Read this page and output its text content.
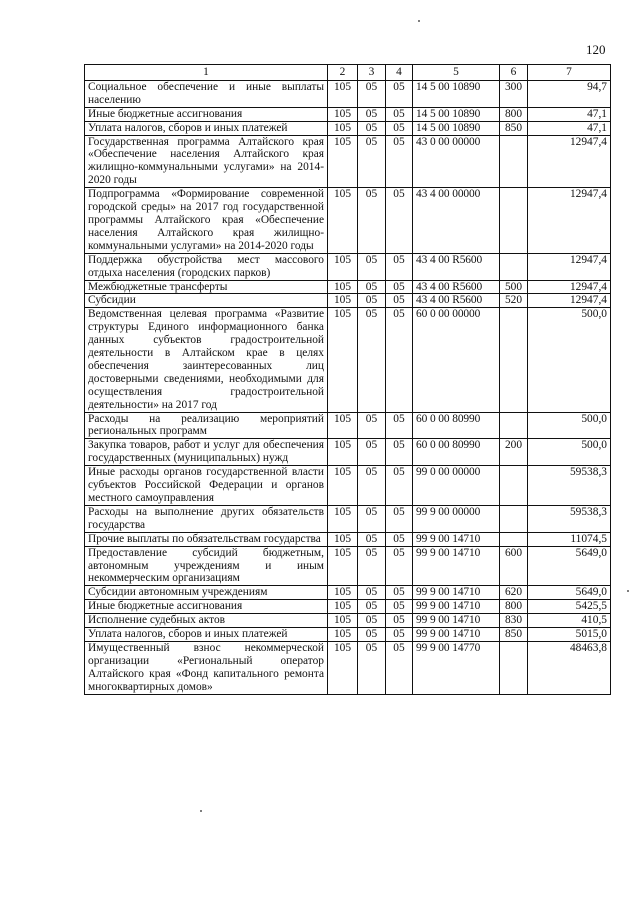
120
1	2	3	4	5	6	7
Социальное обеспечение и иные выплаты населению	105	05	05	14 5 00 10890	300	94,7
Иные бюджетные ассигнования	105	05	05	14 5 00 10890	800	47,1
Уплата налогов, сборов и иных платежей	105	05	05	14 5 00 10890	850	47,1
Государственная программа Алтайского края «Обеспечение населения Алтайского края жилищно-коммунальными услугами» на 2014-2020 годы	105	05	05	43 0 00 00000		12947,4
Подпрограмма «Формирование современной городской среды» на 2017 год государственной программы Алтайского края «Обеспечение населения Алтайского края жилищно-коммунальными услугами» на 2014-2020 годы	105	05	05	43 4 00 00000		12947,4
Поддержка обустройства мест массового отдыха населения (городских парков)	105	05	05	43 4 00 R5600		12947,4
Межбюджетные трансферты	105	05	05	43 4 00 R5600	500	12947,4
Субсидии	105	05	05	43 4 00 R5600	520	12947,4
Ведомственная целевая программа «Развитие структуры Единого информационного банка данных субъектов градостроительной деятельности в Алтайском крае в целях обеспечения заинтересованных лиц достоверными сведениями, необходимыми для осуществления градостроительной деятельности» на 2017 год	105	05	05	60 0 00 00000		500,0
Расходы на реализацию мероприятий региональных программ	105	05	05	60 0 00 80990		500,0
Закупка товаров, работ и услуг для обеспечения государственных (муниципальных) нужд	105	05	05	60 0 00 80990	200	500,0
Иные расходы органов государственной власти субъектов Российской Федерации и органов местного самоуправления	105	05	05	99 0 00 00000		59538,3
Расходы на выполнение других обязательств государства	105	05	05	99 9 00 00000		59538,3
Прочие выплаты по обязательствам государства	105	05	05	99 9 00 14710		11074,5
Предоставление субсидий бюджетным, автономным учреждениям и иным некоммерческим организациям	105	05	05	99 9 00 14710	600	5649,0
Субсидии автономным учреждениям	105	05	05	99 9 00 14710	620	5649,0
Иные бюджетные ассигнования	105	05	05	99 9 00 14710	800	5425,5
Исполнение судебных актов	105	05	05	99 9 00 14710	830	410,5
Уплата налогов, сборов и иных платежей	105	05	05	99 9 00 14710	850	5015,0
Имущественный взнос некоммерческой организации «Региональный оператор Алтайского края «Фонд капитального ремонта многоквартирных домов»	105	05	05	99 9 00 14770		48463,8
